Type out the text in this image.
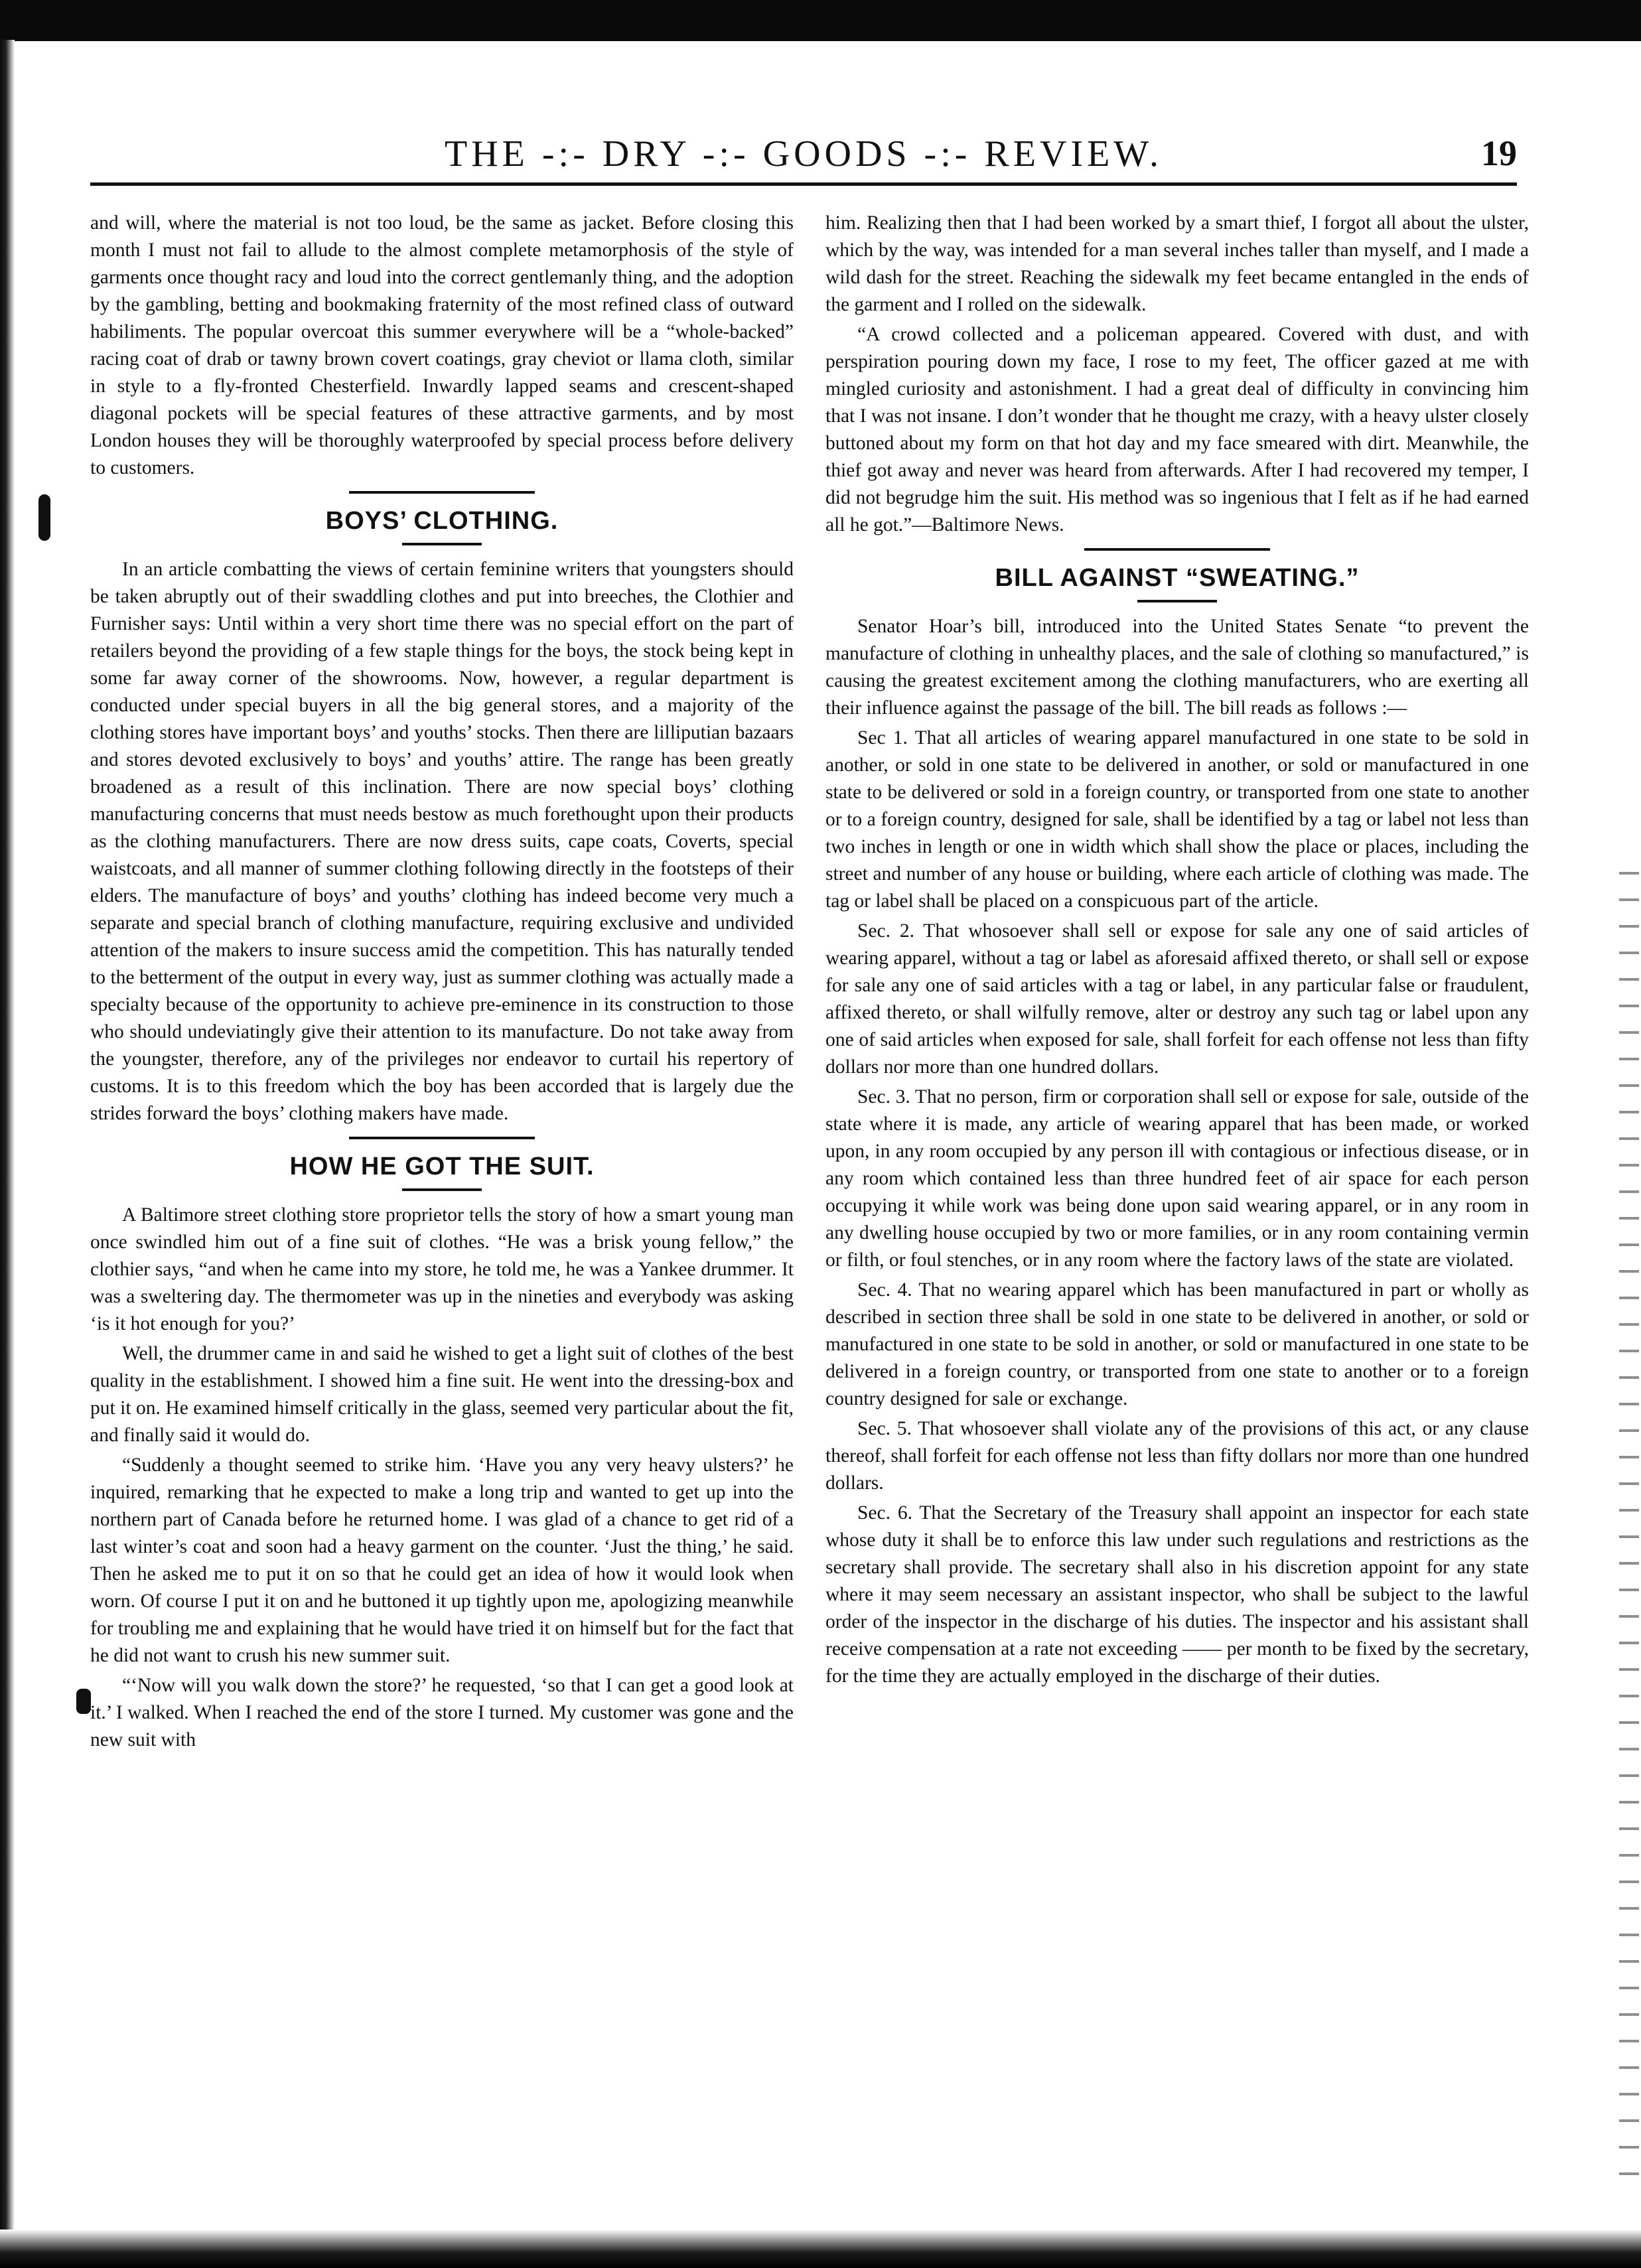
THE -:- DRY -:- GOODS -:- REVIEW.	19

and will, where the material is not too loud, be the same as jacket. Before closing this month I must not fail to allude to the almost complete metamorphosis of the style of garments once thought racy and loud into the correct gentlemanly thing, and the adoption by the gambling, betting and bookmaking fraternity of the most refined class of outward habiliments. The popular overcoat this summer everywhere will be a “whole-backed” racing coat of drab or tawny brown covert coatings, gray cheviot or llama cloth, similar in style to a fly-fronted Chesterfield. Inwardly lapped seams and crescent-shaped diagonal pockets will be special features of these attractive garments, and by most London houses they will be thoroughly waterproofed by special process before delivery to customers.

BOYS’ CLOTHING.

In an article combatting the views of certain feminine writers that youngsters should be taken abruptly out of their swaddling clothes and put into breeches, the Clothier and Furnisher says: Until within a very short time there was no special effort on the part of retailers beyond the providing of a few staple things for the boys, the stock being kept in some far away corner of the showrooms. Now, however, a regular department is conducted under special buyers in all the big general stores, and a majority of the clothing stores have important boys’ and youths’ stocks. Then there are lilliputian bazaars and stores devoted exclusively to boys’ and youths’ attire. The range has been greatly broadened as a result of this inclination. There are now special boys’ clothing manufacturing concerns that must needs bestow as much forethought upon their products as the clothing manufacturers. There are now dress suits, cape coats, Coverts, special waistcoats, and all manner of summer clothing following directly in the footsteps of their elders. The manufacture of boys’ and youths’ clothing has indeed become very much a separate and special branch of clothing manufacture, requiring exclusive and undivided attention of the makers to insure success amid the competition. This has naturally tended to the betterment of the output in every way, just as summer clothing was actually made a specialty because of the opportunity to achieve pre-eminence in its construction to those who should undeviatingly give their attention to its manufacture. Do not take away from the youngster, therefore, any of the privileges nor endeavor to curtail his repertory of customs. It is to this freedom which the boy has been accorded that is largely due the strides forward the boys’ clothing makers have made.

HOW HE GOT THE SUIT.

A Baltimore street clothing store proprietor tells the story of how a smart young man once swindled him out of a fine suit of clothes. “He was a brisk young fellow,” the clothier says, “and when he came into my store, he told me, he was a Yankee drummer. It was a sweltering day. The thermometer was up in the nineties and everybody was asking ‘is it hot enough for you?’

Well, the drummer came in and said he wished to get a light suit of clothes of the best quality in the establishment. I showed him a fine suit. He went into the dressing-box and put it on. He examined himself critically in the glass, seemed very particular about the fit, and finally said it would do.

“Suddenly a thought seemed to strike him. ‘Have you any very heavy ulsters?’ he inquired, remarking that he expected to make a long trip and wanted to get up into the northern part of Canada before he returned home. I was glad of a chance to get rid of a last winter’s coat and soon had a heavy garment on the counter. ‘Just the thing,’ he said. Then he asked me to put it on so that he could get an idea of how it would look when worn. Of course I put it on and he buttoned it up tightly upon me, apologizing meanwhile for troubling me and explaining that he would have tried it on himself but for the fact that he did not want to crush his new summer suit.

“‘Now will you walk down the store?’ he requested, ‘so that I can get a good look at it.’ I walked. When I reached the end of the store I turned. My customer was gone and the new suit with

him. Realizing then that I had been worked by a smart thief, I forgot all about the ulster, which by the way, was intended for a man several inches taller than myself, and I made a wild dash for the street. Reaching the sidewalk my feet became entangled in the ends of the garment and I rolled on the sidewalk.

“A crowd collected and a policeman appeared. Covered with dust, and with perspiration pouring down my face, I rose to my feet, The officer gazed at me with mingled curiosity and astonishment. I had a great deal of difficulty in convincing him that I was not insane. I don’t wonder that he thought me crazy, with a heavy ulster closely buttoned about my form on that hot day and my face smeared with dirt. Meanwhile, the thief got away and never was heard from afterwards. After I had recovered my temper, I did not begrudge him the suit. His method was so ingenious that I felt as if he had earned all he got.”—Baltimore News.

BILL AGAINST “SWEATING.”

Senator Hoar’s bill, introduced into the United States Senate “to prevent the manufacture of clothing in unhealthy places, and the sale of clothing so manufactured,” is causing the greatest excitement among the clothing manufacturers, who are exerting all their influence against the passage of the bill. The bill reads as follows :—

Sec 1. That all articles of wearing apparel manufactured in one state to be sold in another, or sold in one state to be delivered in another, or sold or manufactured in one state to be delivered or sold in a foreign country, or transported from one state to another or to a foreign country, designed for sale, shall be identified by a tag or label not less than two inches in length or one in width which shall show the place or places, including the street and number of any house or building, where each article of clothing was made. The tag or label shall be placed on a conspicuous part of the article.

Sec. 2. That whosoever shall sell or expose for sale any one of said articles of wearing apparel, without a tag or label as aforesaid affixed thereto, or shall sell or expose for sale any one of said articles with a tag or label, in any particular false or fraudulent, affixed thereto, or shall wilfully remove, alter or destroy any such tag or label upon any one of said articles when exposed for sale, shall forfeit for each offense not less than fifty dollars nor more than one hundred dollars.

Sec. 3. That no person, firm or corporation shall sell or expose for sale, outside of the state where it is made, any article of wearing apparel that has been made, or worked upon, in any room occupied by any person ill with contagious or infectious disease, or in any room which contained less than three hundred feet of air space for each person occupying it while work was being done upon said wearing apparel, or in any room in any dwelling house occupied by two or more families, or in any room containing vermin or filth, or foul stenches, or in any room where the factory laws of the state are violated.

Sec. 4. That no wearing apparel which has been manufactured in part or wholly as described in section three shall be sold in one state to be delivered in another, or sold or manufactured in one state to be sold in another, or sold or manufactured in one state to be delivered in a foreign country, or transported from one state to another or to a foreign country designed for sale or exchange.

Sec. 5. That whosoever shall violate any of the provisions of this act, or any clause thereof, shall forfeit for each offense not less than fifty dollars nor more than one hundred dollars.

Sec. 6. That the Secretary of the Treasury shall appoint an inspector for each state whose duty it shall be to enforce this law under such regulations and restrictions as the secretary shall provide. The secretary shall also in his discretion appoint for any state where it may seem necessary an assistant inspector, who shall be subject to the lawful order of the inspector in the discharge of his duties. The inspector and his assistant shall receive compensation at a rate not exceeding —— per month to be fixed by the secretary, for the time they are actually employed in the discharge of their duties.
